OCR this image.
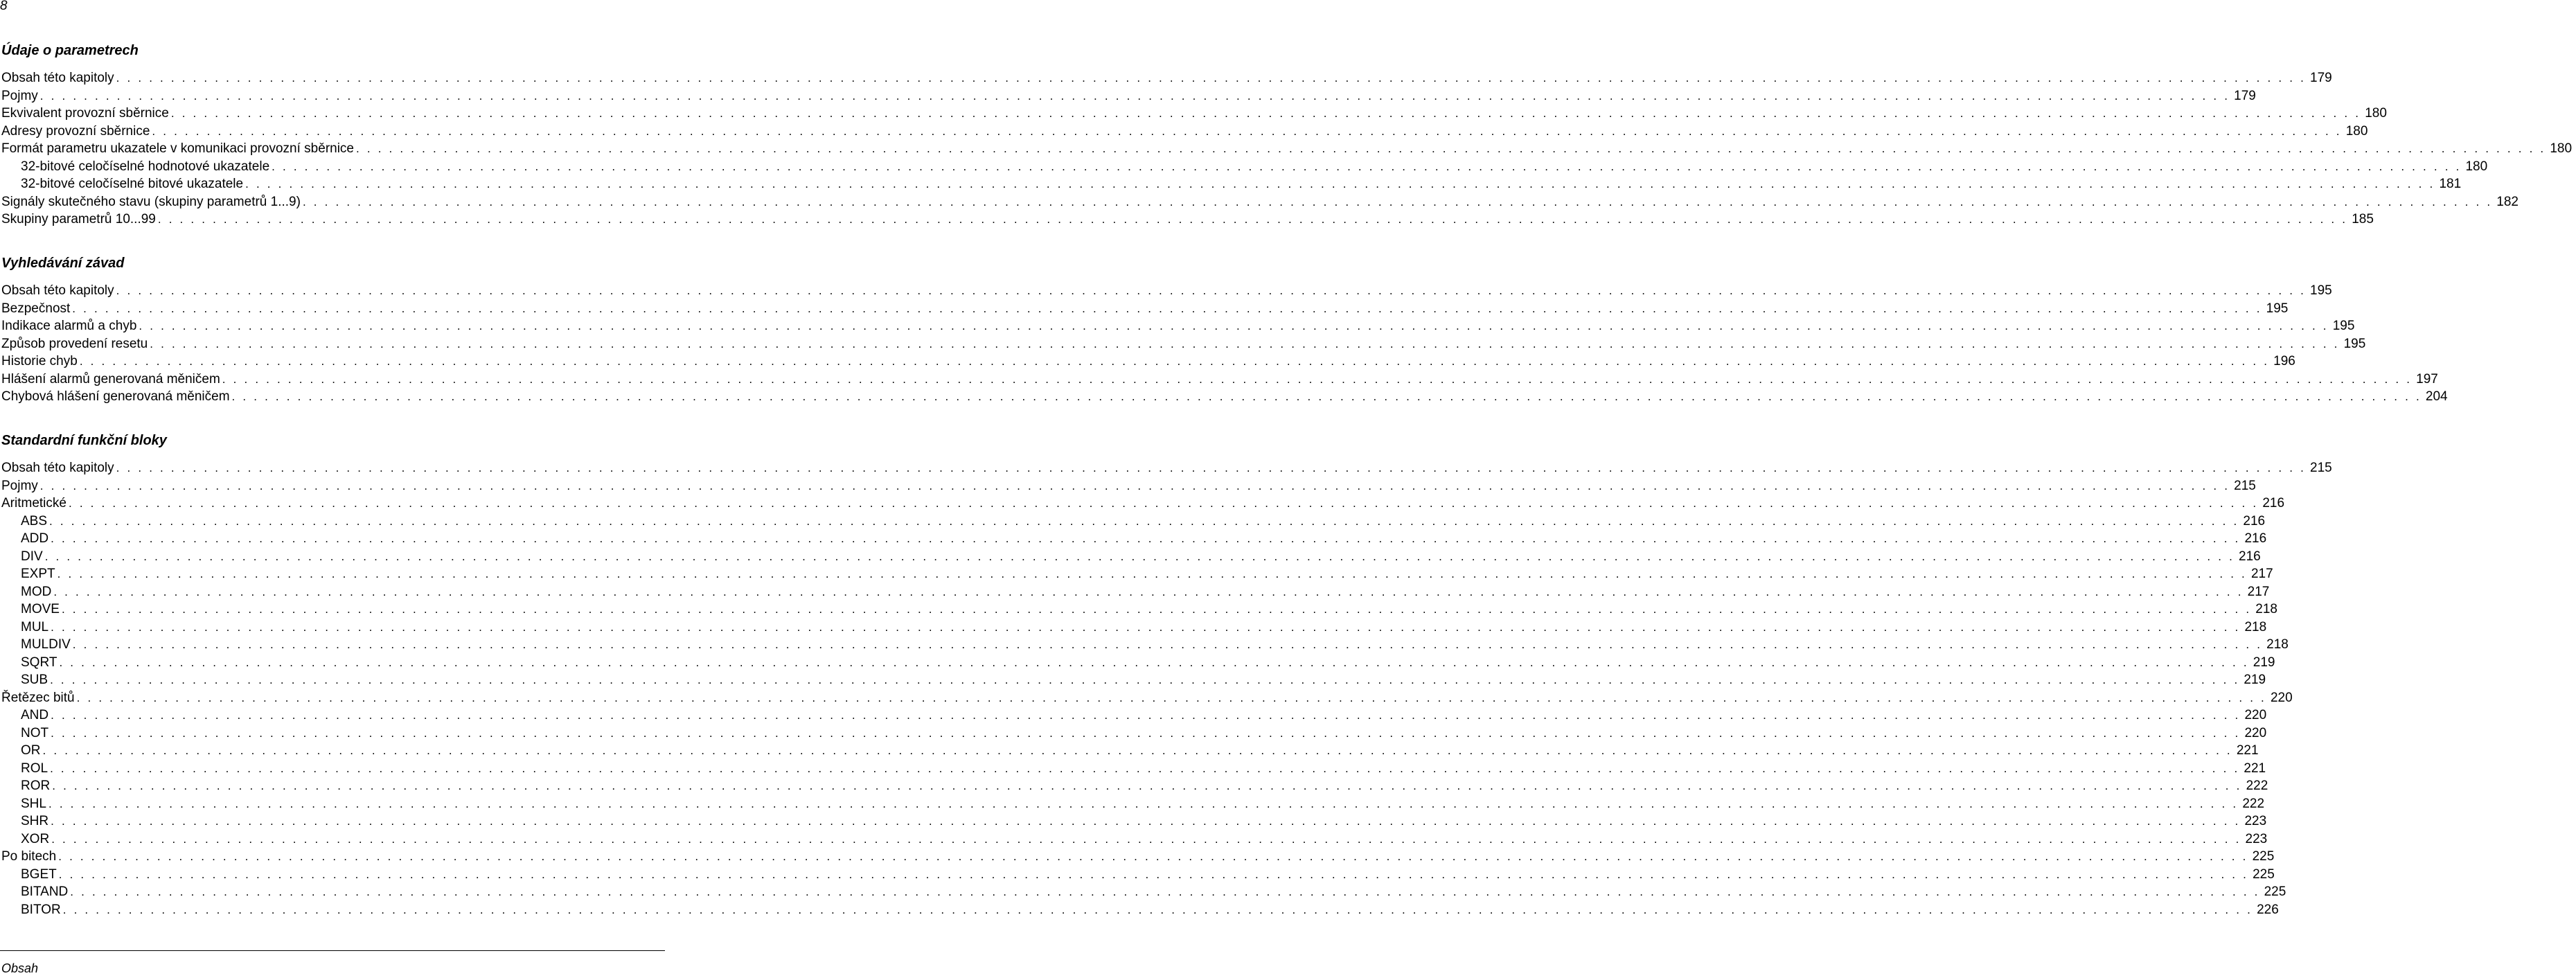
8
Údaje o parametrech
Obsah této kapitoly . . . . . . . . . . . . . . . . . . . . . . . . . . . . . . . . . . . . . . . . . . . . . . . . . . . . . . . . . . . . . . . . . . . . . . . . . . . . . . . . . . . . . . . . . . . . . . . . . . . . . . . . . . . . . . . . . . . . . . . . . . . . . . . . . . . . . . . . . . . . . . . . . . . . . . . . . . . . . . . . . . . . . . . . . . . . . . . . . . . . . . . . . . . . . . . . . . . . . . . . 179
Pojmy . . . . . . . . . . . . . . . . . . . . . . . . . . . . . . . . . . . . . . . . . . . . . . . . . . . . . . . . . . . . . . . . . . . . . . . . . . . . . . . . . . . . . . . . . . . . . . . . . . . . . . . . . . . . . . . . . . . . . . . . . . . . . . . . . . . . . . . . . . . . . . . . . . . . . . . . . . . . . . . . . . . . . . . . . . . . . . . . . . . . . . . . . . . . . . . . . . . . . . . . 179
Ekvivalent provozní sběrnice . . . . . . . . . . . . . . . . . . . . . . . . . . . . . . . . . . . . . . . . . . . . . . . . . . . . . . . . . . . . . . . . . . . . . . . . . . . . . . . . . . . . . . . . . . . . . . . . . . . . . . . . . . . . . . . . . . . . . . . . . . . . . . . . . . . . . . . . . . . . . . . . . . . . . . . . . . . . . . . . . . . . . . . . . . . . . . . . . . . . . . . . . . . . . . . . . . . . . . . . 180
Adresy provozní sběrnice . . . . . . . . . . . . . . . . . . . . . . . . . . . . . . . . . . . . . . . . . . . . . . . . . . . . . . . . . . . . . . . . . . . . . . . . . . . . . . . . . . . . . . . . . . . . . . . . . . . . . . . . . . . . . . . . . . . . . . . . . . . . . . . . . . . . . . . . . . . . . . . . . . . . . . . . . . . . . . . . . . . . . . . . . . . . . . . . . . . . . . . . . . . . . . . . . . . . . . . . 180
Formát parametru ukazatele v komunikaci provozní sběrnice . . . . . . . . . . . . . . . . . . . . . . . . . . . . . . . . . . . . . . . . . . . . . . . . . . . . . . . . . . . . . . . . . . . . . . . . . . . . . . . . . . . . . . . . . . . . . . . . . . . . . . . . . . . . . . . . . . . . . . . . . . . . . . . . . . . . . . . . . . . . . . . . . . . . . . . . . . . . . . . . . . . . . . . . . . . . . . . . . . . . . . . . . . . . . . . . . . . . . . . . 180
32-bitové celočíselné hodnotové ukazatele . . . . . . . . . . . . . . . . . . . . . . . . . . . . . . . . . . . . . . . . . . . . . . . . . . . . . . . . . . . . . . . . . . . . . . . . . . . . . . . . . . . . . . . . . . . . . . . . . . . . . . . . . . . . . . . . . . . . . . . . . . . . . . . . . . . . . . . . . . . . . . . . . . . . . . . . . . . . . . . . . . . . . . . . . . . . . . . . . . . . . . . . . . . . . . . . . . . . . . . . 180
32-bitové celočíselné bitové ukazatele . . . . . . . . . . . . . . . . . . . . . . . . . . . . . . . . . . . . . . . . . . . . . . . . . . . . . . . . . . . . . . . . . . . . . . . . . . . . . . . . . . . . . . . . . . . . . . . . . . . . . . . . . . . . . . . . . . . . . . . . . . . . . . . . . . . . . . . . . . . . . . . . . . . . . . . . . . . . . . . . . . . . . . . . . . . . . . . . . . . . . . . . . . . . . . . . . . . . . . . . 181
Signály skutečného stavu (skupiny parametrů 1...9) . . . . . . . . . . . . . . . . . . . . . . . . . . . . . . . . . . . . . . . . . . . . . . . . . . . . . . . . . . . . . . . . . . . . . . . . . . . . . . . . . . . . . . . . . . . . . . . . . . . . . . . . . . . . . . . . . . . . . . . . . . . . . . . . . . . . . . . . . . . . . . . . . . . . . . . . . . . . . . . . . . . . . . . . . . . . . . . . . . . . . . . . . . . . . . . . . . . . . . . . 182
Skupiny parametrů 10...99 . . . . . . . . . . . . . . . . . . . . . . . . . . . . . . . . . . . . . . . . . . . . . . . . . . . . . . . . . . . . . . . . . . . . . . . . . . . . . . . . . . . . . . . . . . . . . . . . . . . . . . . . . . . . . . . . . . . . . . . . . . . . . . . . . . . . . . . . . . . . . . . . . . . . . . . . . . . . . . . . . . . . . . . . . . . . . . . . . . . . . . . . . . . . . . . . . . . . . . . . 185
Vyhledávání závad
Obsah této kapitoly . . . . . . . . . . . . . . . . . . . . . . . . . . . . . . . . . . . . . . . . . . . . . . . . . . . . . . . . . . . . . . . . . . . . . . . . . . . . . . . . . . . . . . . . . . . . . . . . . . . . . . . . . . . . . . . . . . . . . . . . . . . . . . . . . . . . . . . . . . . . . . . . . . . . . . . . . . . . . . . . . . . . . . . . . . . . . . . . . . . . . . . . . . . . . . . . . . . . . . . . 195
Bezpečnost . . . . . . . . . . . . . . . . . . . . . . . . . . . . . . . . . . . . . . . . . . . . . . . . . . . . . . . . . . . . . . . . . . . . . . . . . . . . . . . . . . . . . . . . . . . . . . . . . . . . . . . . . . . . . . . . . . . . . . . . . . . . . . . . . . . . . . . . . . . . . . . . . . . . . . . . . . . . . . . . . . . . . . . . . . . . . . . . . . . . . . . . . . . . . . . . . . . . . . . . 195
Indikace alarmů a chyb . . . . . . . . . . . . . . . . . . . . . . . . . . . . . . . . . . . . . . . . . . . . . . . . . . . . . . . . . . . . . . . . . . . . . . . . . . . . . . . . . . . . . . . . . . . . . . . . . . . . . . . . . . . . . . . . . . . . . . . . . . . . . . . . . . . . . . . . . . . . . . . . . . . . . . . . . . . . . . . . . . . . . . . . . . . . . . . . . . . . . . . . . . . . . . . . . . . . . . . . 195
Způsob provedení resetu . . . . . . . . . . . . . . . . . . . . . . . . . . . . . . . . . . . . . . . . . . . . . . . . . . . . . . . . . . . . . . . . . . . . . . . . . . . . . . . . . . . . . . . . . . . . . . . . . . . . . . . . . . . . . . . . . . . . . . . . . . . . . . . . . . . . . . . . . . . . . . . . . . . . . . . . . . . . . . . . . . . . . . . . . . . . . . . . . . . . . . . . . . . . . . . . . . . . . . . . 195
Historie chyb . . . . . . . . . . . . . . . . . . . . . . . . . . . . . . . . . . . . . . . . . . . . . . . . . . . . . . . . . . . . . . . . . . . . . . . . . . . . . . . . . . . . . . . . . . . . . . . . . . . . . . . . . . . . . . . . . . . . . . . . . . . . . . . . . . . . . . . . . . . . . . . . . . . . . . . . . . . . . . . . . . . . . . . . . . . . . . . . . . . . . . . . . . . . . . . . . . . . . . . . 196
Hlášení alarmů generovaná měničem . . . . . . . . . . . . . . . . . . . . . . . . . . . . . . . . . . . . . . . . . . . . . . . . . . . . . . . . . . . . . . . . . . . . . . . . . . . . . . . . . . . . . . . . . . . . . . . . . . . . . . . . . . . . . . . . . . . . . . . . . . . . . . . . . . . . . . . . . . . . . . . . . . . . . . . . . . . . . . . . . . . . . . . . . . . . . . . . . . . . . . . . . . . . . . . . . . . . . . . . 197
Chybová hlášení generovaná měničem . . . . . . . . . . . . . . . . . . . . . . . . . . . . . . . . . . . . . . . . . . . . . . . . . . . . . . . . . . . . . . . . . . . . . . . . . . . . . . . . . . . . . . . . . . . . . . . . . . . . . . . . . . . . . . . . . . . . . . . . . . . . . . . . . . . . . . . . . . . . . . . . . . . . . . . . . . . . . . . . . . . . . . . . . . . . . . . . . . . . . . . . . . . . . . . . . . . . . . . . 204
Standardní funkční bloky
Obsah této kapitoly . . . . . . . . . . . . . . . . . . . . . . . . . . . . . . . . . . . . . . . . . . . . . . . . . . . . . . . . . . . . . . . . . . . . . . . . . . . . . . . . . . . . . . . . . . . . . . . . . . . . . . . . . . . . . . . . . . . . . . . . . . . . . . . . . . . . . . . . . . . . . . . . . . . . . . . . . . . . . . . . . . . . . . . . . . . . . . . . . . . . . . . . . . . . . . . . . . . . . . . . 215
Pojmy . . . . . . . . . . . . . . . . . . . . . . . . . . . . . . . . . . . . . . . . . . . . . . . . . . . . . . . . . . . . . . . . . . . . . . . . . . . . . . . . . . . . . . . . . . . . . . . . . . . . . . . . . . . . . . . . . . . . . . . . . . . . . . . . . . . . . . . . . . . . . . . . . . . . . . . . . . . . . . . . . . . . . . . . . . . . . . . . . . . . . . . . . . . . . . . . . . . . . . . . 215
Aritmetické . . . . . . . . . . . . . . . . . . . . . . . . . . . . . . . . . . . . . . . . . . . . . . . . . . . . . . . . . . . . . . . . . . . . . . . . . . . . . . . . . . . . . . . . . . . . . . . . . . . . . . . . . . . . . . . . . . . . . . . . . . . . . . . . . . . . . . . . . . . . . . . . . . . . . . . . . . . . . . . . . . . . . . . . . . . . . . . . . . . . . . . . . . . . . . . . . . . . . . . . 216
ABS . . . . . . . . . . . . . . . . . . . . . . . . . . . . . . . . . . . . . . . . . . . . . . . . . . . . . . . . . . . . . . . . . . . . . . . . . . . . . . . . . . . . . . . . . . . . . . . . . . . . . . . . . . . . . . . . . . . . . . . . . . . . . . . . . . . . . . . . . . . . . . . . . . . . . . . . . . . . . . . . . . . . . . . . . . . . . . . . . . . . . . . . . . . . . . . . . . . . . . . . 216
ADD . . . . . . . . . . . . . . . . . . . . . . . . . . . . . . . . . . . . . . . . . . . . . . . . . . . . . . . . . . . . . . . . . . . . . . . . . . . . . . . . . . . . . . . . . . . . . . . . . . . . . . . . . . . . . . . . . . . . . . . . . . . . . . . . . . . . . . . . . . . . . . . . . . . . . . . . . . . . . . . . . . . . . . . . . . . . . . . . . . . . . . . . . . . . . . . . . . . . . . . . 216
DIV . . . . . . . . . . . . . . . . . . . . . . . . . . . . . . . . . . . . . . . . . . . . . . . . . . . . . . . . . . . . . . . . . . . . . . . . . . . . . . . . . . . . . . . . . . . . . . . . . . . . . . . . . . . . . . . . . . . . . . . . . . . . . . . . . . . . . . . . . . . . . . . . . . . . . . . . . . . . . . . . . . . . . . . . . . . . . . . . . . . . . . . . . . . . . . . . . . . . . . . . 216
EXPT . . . . . . . . . . . . . . . . . . . . . . . . . . . . . . . . . . . . . . . . . . . . . . . . . . . . . . . . . . . . . . . . . . . . . . . . . . . . . . . . . . . . . . . . . . . . . . . . . . . . . . . . . . . . . . . . . . . . . . . . . . . . . . . . . . . . . . . . . . . . . . . . . . . . . . . . . . . . . . . . . . . . . . . . . . . . . . . . . . . . . . . . . . . . . . . . . . . . . . . . 217
MOD . . . . . . . . . . . . . . . . . . . . . . . . . . . . . . . . . . . . . . . . . . . . . . . . . . . . . . . . . . . . . . . . . . . . . . . . . . . . . . . . . . . . . . . . . . . . . . . . . . . . . . . . . . . . . . . . . . . . . . . . . . . . . . . . . . . . . . . . . . . . . . . . . . . . . . . . . . . . . . . . . . . . . . . . . . . . . . . . . . . . . . . . . . . . . . . . . . . . . . . . 217
MOVE . . . . . . . . . . . . . . . . . . . . . . . . . . . . . . . . . . . . . . . . . . . . . . . . . . . . . . . . . . . . . . . . . . . . . . . . . . . . . . . . . . . . . . . . . . . . . . . . . . . . . . . . . . . . . . . . . . . . . . . . . . . . . . . . . . . . . . . . . . . . . . . . . . . . . . . . . . . . . . . . . . . . . . . . . . . . . . . . . . . . . . . . . . . . . . . . . . . . . . . . 218
MUL . . . . . . . . . . . . . . . . . . . . . . . . . . . . . . . . . . . . . . . . . . . . . . . . . . . . . . . . . . . . . . . . . . . . . . . . . . . . . . . . . . . . . . . . . . . . . . . . . . . . . . . . . . . . . . . . . . . . . . . . . . . . . . . . . . . . . . . . . . . . . . . . . . . . . . . . . . . . . . . . . . . . . . . . . . . . . . . . . . . . . . . . . . . . . . . . . . . . . . . . 218
MULDIV . . . . . . . . . . . . . . . . . . . . . . . . . . . . . . . . . . . . . . . . . . . . . . . . . . . . . . . . . . . . . . . . . . . . . . . . . . . . . . . . . . . . . . . . . . . . . . . . . . . . . . . . . . . . . . . . . . . . . . . . . . . . . . . . . . . . . . . . . . . . . . . . . . . . . . . . . . . . . . . . . . . . . . . . . . . . . . . . . . . . . . . . . . . . . . . . . . . . . . . . 218
SQRT . . . . . . . . . . . . . . . . . . . . . . . . . . . . . . . . . . . . . . . . . . . . . . . . . . . . . . . . . . . . . . . . . . . . . . . . . . . . . . . . . . . . . . . . . . . . . . . . . . . . . . . . . . . . . . . . . . . . . . . . . . . . . . . . . . . . . . . . . . . . . . . . . . . . . . . . . . . . . . . . . . . . . . . . . . . . . . . . . . . . . . . . . . . . . . . . . . . . . . . . 219
SUB . . . . . . . . . . . . . . . . . . . . . . . . . . . . . . . . . . . . . . . . . . . . . . . . . . . . . . . . . . . . . . . . . . . . . . . . . . . . . . . . . . . . . . . . . . . . . . . . . . . . . . . . . . . . . . . . . . . . . . . . . . . . . . . . . . . . . . . . . . . . . . . . . . . . . . . . . . . . . . . . . . . . . . . . . . . . . . . . . . . . . . . . . . . . . . . . . . . . . . . . 219
Řetězec bitů . . . . . . . . . . . . . . . . . . . . . . . . . . . . . . . . . . . . . . . . . . . . . . . . . . . . . . . . . . . . . . . . . . . . . . . . . . . . . . . . . . . . . . . . . . . . . . . . . . . . . . . . . . . . . . . . . . . . . . . . . . . . . . . . . . . . . . . . . . . . . . . . . . . . . . . . . . . . . . . . . . . . . . . . . . . . . . . . . . . . . . . . . . . . . . . . . . . . . . . . 220
AND . . . . . . . . . . . . . . . . . . . . . . . . . . . . . . . . . . . . . . . . . . . . . . . . . . . . . . . . . . . . . . . . . . . . . . . . . . . . . . . . . . . . . . . . . . . . . . . . . . . . . . . . . . . . . . . . . . . . . . . . . . . . . . . . . . . . . . . . . . . . . . . . . . . . . . . . . . . . . . . . . . . . . . . . . . . . . . . . . . . . . . . . . . . . . . . . . . . . . . . . 220
NOT . . . . . . . . . . . . . . . . . . . . . . . . . . . . . . . . . . . . . . . . . . . . . . . . . . . . . . . . . . . . . . . . . . . . . . . . . . . . . . . . . . . . . . . . . . . . . . . . . . . . . . . . . . . . . . . . . . . . . . . . . . . . . . . . . . . . . . . . . . . . . . . . . . . . . . . . . . . . . . . . . . . . . . . . . . . . . . . . . . . . . . . . . . . . . . . . . . . . . . . . 220
OR . . . . . . . . . . . . . . . . . . . . . . . . . . . . . . . . . . . . . . . . . . . . . . . . . . . . . . . . . . . . . . . . . . . . . . . . . . . . . . . . . . . . . . . . . . . . . . . . . . . . . . . . . . . . . . . . . . . . . . . . . . . . . . . . . . . . . . . . . . . . . . . . . . . . . . . . . . . . . . . . . . . . . . . . . . . . . . . . . . . . . . . . . . . . . . . . . . . . . . . . 221
ROL . . . . . . . . . . . . . . . . . . . . . . . . . . . . . . . . . . . . . . . . . . . . . . . . . . . . . . . . . . . . . . . . . . . . . . . . . . . . . . . . . . . . . . . . . . . . . . . . . . . . . . . . . . . . . . . . . . . . . . . . . . . . . . . . . . . . . . . . . . . . . . . . . . . . . . . . . . . . . . . . . . . . . . . . . . . . . . . . . . . . . . . . . . . . . . . . . . . . . . . . 221
ROR . . . . . . . . . . . . . . . . . . . . . . . . . . . . . . . . . . . . . . . . . . . . . . . . . . . . . . . . . . . . . . . . . . . . . . . . . . . . . . . . . . . . . . . . . . . . . . . . . . . . . . . . . . . . . . . . . . . . . . . . . . . . . . . . . . . . . . . . . . . . . . . . . . . . . . . . . . . . . . . . . . . . . . . . . . . . . . . . . . . . . . . . . . . . . . . . . . . . . . . . 222
SHL . . . . . . . . . . . . . . . . . . . . . . . . . . . . . . . . . . . . . . . . . . . . . . . . . . . . . . . . . . . . . . . . . . . . . . . . . . . . . . . . . . . . . . . . . . . . . . . . . . . . . . . . . . . . . . . . . . . . . . . . . . . . . . . . . . . . . . . . . . . . . . . . . . . . . . . . . . . . . . . . . . . . . . . . . . . . . . . . . . . . . . . . . . . . . . . . . . . . . . . . 222
SHR . . . . . . . . . . . . . . . . . . . . . . . . . . . . . . . . . . . . . . . . . . . . . . . . . . . . . . . . . . . . . . . . . . . . . . . . . . . . . . . . . . . . . . . . . . . . . . . . . . . . . . . . . . . . . . . . . . . . . . . . . . . . . . . . . . . . . . . . . . . . . . . . . . . . . . . . . . . . . . . . . . . . . . . . . . . . . . . . . . . . . . . . . . . . . . . . . . . . . . . . 223
XOR . . . . . . . . . . . . . . . . . . . . . . . . . . . . . . . . . . . . . . . . . . . . . . . . . . . . . . . . . . . . . . . . . . . . . . . . . . . . . . . . . . . . . . . . . . . . . . . . . . . . . . . . . . . . . . . . . . . . . . . . . . . . . . . . . . . . . . . . . . . . . . . . . . . . . . . . . . . . . . . . . . . . . . . . . . . . . . . . . . . . . . . . . . . . . . . . . . . . . . . . 223
Po bitech . . . . . . . . . . . . . . . . . . . . . . . . . . . . . . . . . . . . . . . . . . . . . . . . . . . . . . . . . . . . . . . . . . . . . . . . . . . . . . . . . . . . . . . . . . . . . . . . . . . . . . . . . . . . . . . . . . . . . . . . . . . . . . . . . . . . . . . . . . . . . . . . . . . . . . . . . . . . . . . . . . . . . . . . . . . . . . . . . . . . . . . . . . . . . . . . . . . . . . . . 225
BGET . . . . . . . . . . . . . . . . . . . . . . . . . . . . . . . . . . . . . . . . . . . . . . . . . . . . . . . . . . . . . . . . . . . . . . . . . . . . . . . . . . . . . . . . . . . . . . . . . . . . . . . . . . . . . . . . . . . . . . . . . . . . . . . . . . . . . . . . . . . . . . . . . . . . . . . . . . . . . . . . . . . . . . . . . . . . . . . . . . . . . . . . . . . . . . . . . . . . . . . . 225
BITAND . . . . . . . . . . . . . . . . . . . . . . . . . . . . . . . . . . . . . . . . . . . . . . . . . . . . . . . . . . . . . . . . . . . . . . . . . . . . . . . . . . . . . . . . . . . . . . . . . . . . . . . . . . . . . . . . . . . . . . . . . . . . . . . . . . . . . . . . . . . . . . . . . . . . . . . . . . . . . . . . . . . . . . . . . . . . . . . . . . . . . . . . . . . . . . . . . . . . . . . . 225
BITOR . . . . . . . . . . . . . . . . . . . . . . . . . . . . . . . . . . . . . . . . . . . . . . . . . . . . . . . . . . . . . . . . . . . . . . . . . . . . . . . . . . . . . . . . . . . . . . . . . . . . . . . . . . . . . . . . . . . . . . . . . . . . . . . . . . . . . . . . . . . . . . . . . . . . . . . . . . . . . . . . . . . . . . . . . . . . . . . . . . . . . . . . . . . . . . . . . . . . . . . . 226
Obsah
